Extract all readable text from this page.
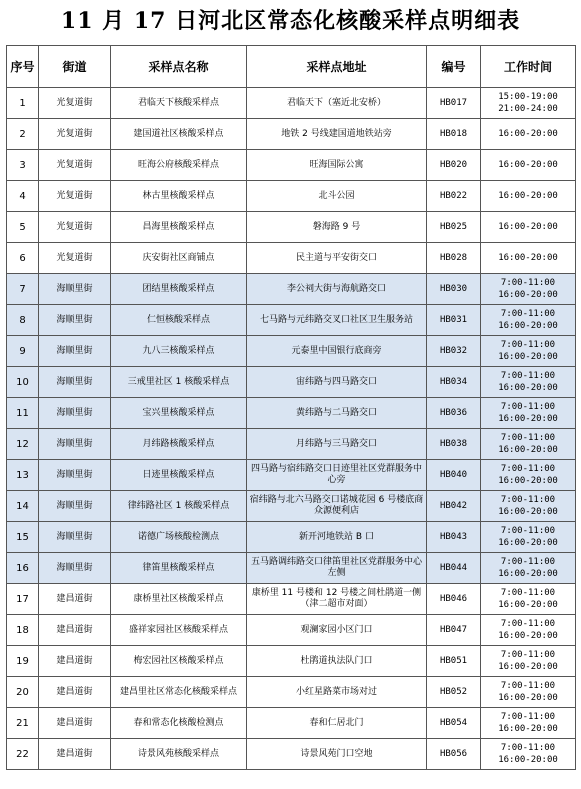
11 月 17 日河北区常态化核酸采样点明细表
序号	街道	采样点名称	采样点地址	编号	工作时间
1	光复道街	君临天下核酸采样点	君临天下（塞近北安桥）	HB017	15:00-19:00
21:00-24:00

2	光复道街	建国道社区核酸采样点	地铁 2 号线建国道地铁站旁	HB018	16:00-20:00

3	光复道街	旺海公府核酸采样点	旺海国际公寓	HB020	16:00-20:00

4	光复道街	林古里核酸采样点	北斗公园	HB022	16:00-20:00

5	光复道街	昌海里核酸采样点	磐海路 9 号	HB025	16:00-20:00

6	光复道街	庆安街社区商铺点	民主道与平安街交口	HB028	16:00-20:00

7	海顺里街	团结里核酸采样点	李公祠大街与海航路交口	HB030	7:00-11:00
16:00-20:00

8	海顺里街	仁恒核酸采样点	七马路与元纬路交叉口社区卫生服务站	HB031	7:00-11:00
16:00-20:00

9	海顺里街	九八三核酸采样点	元泰里中国银行底商旁	HB032	7:00-11:00
16:00-20:00

10	海顺里街	三戒里社区 1 核酸采样点	宙纬路与四马路交口	HB034	7:00-11:00
16:00-20:00

11	海顺里街	宝兴里核酸采样点	黄纬路与二马路交口	HB036	7:00-11:00
16:00-20:00

12	海顺里街	月纬路核酸采样点	月纬路与三马路交口	HB038	7:00-11:00
16:00-20:00

13	海顺里街	日迹里核酸采样点	四马路与宿纬路交口日迹里社区党群服务中心旁	HB040	7:00-11:00
16:00-20:00

14	海顺里街	律纬路社区 1 核酸采样点	宿纬路与北六马路交口诺城花园 6 号楼底商众源便利店	HB042	7:00-11:00
16:00-20:00

15	海顺里街	诺德广场核酸检测点	新开河地铁站 B 口	HB043	7:00-11:00
16:00-20:00

16	海顺里街	律笛里核酸采样点	五马路调纬路交口律笛里社区党群服务中心左侧	HB044	7:00-11:00
16:00-20:00

17	建昌道街	康桥里社区核酸采样点	康桥里 11 号楼和 12 号楼之间杜鹃道一侧（津二超市对面）	HB046	7:00-11:00
16:00-20:00

18	建昌道街	盛祥家园社区核酸采样点	观澜家园小区门口	HB047	7:00-11:00
16:00-20:00

19	建昌道街	梅宏园社区核酸采样点	杜鹃道执法队门口	HB051	7:00-11:00
16:00-20:00

20	建昌道街	建昌里社区常态化核酸采样点	小红星路菜市场对过	HB052	7:00-11:00
16:00-20:00

21	建昌道街	春和常态化核酸检测点	春和仁居北门	HB054	7:00-11:00
16:00-20:00

22	建昌道街	诗景风苑核酸采样点	诗景风苑门口空地	HB056	7:00-11:00
16:00-20:00
